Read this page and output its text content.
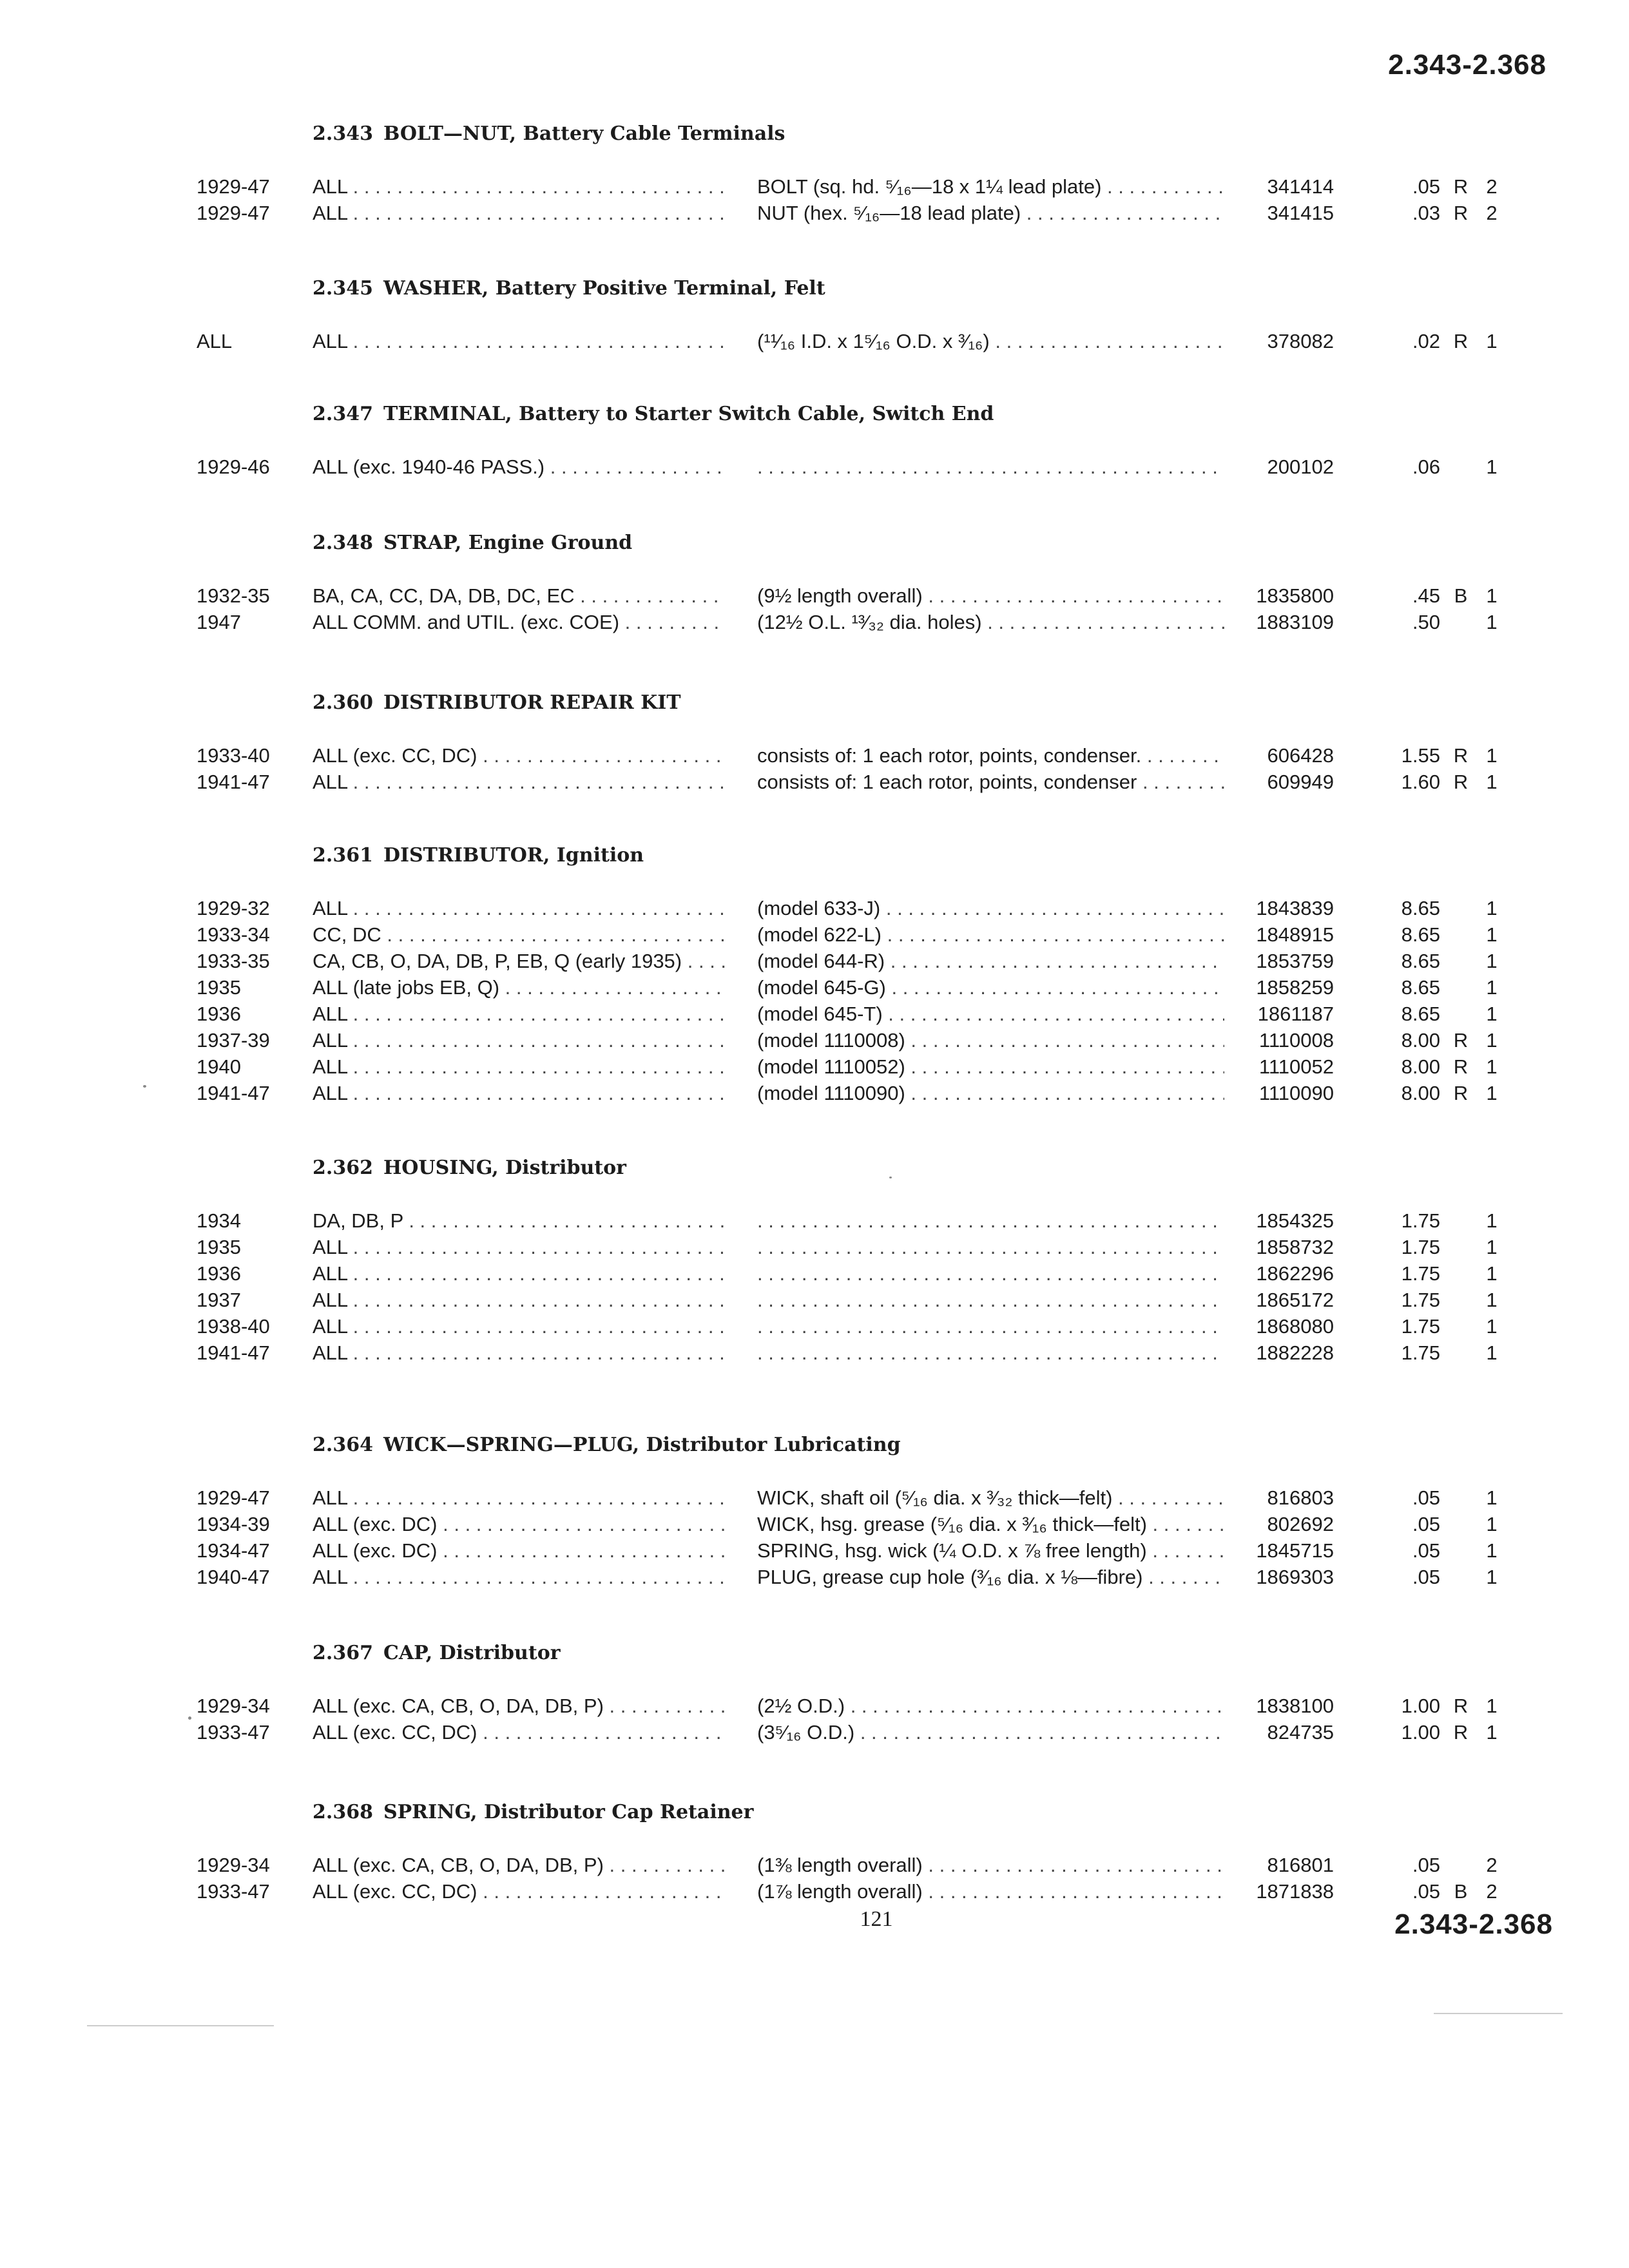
2.343-2.368
2.343 BOLT—NUT, Battery Cable Terminals
1929-47	ALL . . .	BOLT (sq. hd. ⁵⁄₁₆—18 x 1¼ lead plate) . . .	341414	.05 R 2
1929-47	ALL . . .	NUT (hex. ⁵⁄₁₆—18 lead plate) . . .	341415	.03 R 2
2.345 WASHER, Battery Positive Terminal, Felt
ALL	ALL . . .	(¹¹⁄₁₆ I.D. x 1⁵⁄₁₆ O.D. x ³⁄₁₆) . . .	378082	.02 R 1
2.347 TERMINAL, Battery to Starter Switch Cable, Switch End
1929-46	ALL (exc. 1940-46 PASS.) . . . . . .	200102	.06 1
2.348 STRAP, Engine Ground
1932-35	BA, CA, CC, DA, DB, DC, EC . . .	(9½ length overall) . . .	1835800	.45 B 1
1947	ALL COMM. and UTIL. (exc. COE) . . .	(12½ O.L. ¹³⁄₃₂ dia. holes) . . .	1883109	.50 1
2.360 DISTRIBUTOR REPAIR KIT
1933-40	ALL (exc. CC, DC) . . .	consists of: 1 each rotor, points, condenser. . . .	606428	1.55 R 1
1941-47	ALL . . .	consists of: 1 each rotor, points, condenser . . .	609949	1.60 R 1
2.361 DISTRIBUTOR, Ignition
1929-32	ALL . . .	(model 633-J) . . .	1843839	8.65 1
1933-34	CC, DC . . .	(model 622-L) . . .	1848915	8.65 1
1933-35	CA, CB, O, DA, DB, P, EB, Q (early 1935) . . .	(model 644-R) . . .	1853759	8.65 1
1935	ALL (late jobs EB, Q) . . .	(model 645-G) . . .	1858259	8.65 1
1936	ALL . . .	(model 645-T) . . .	1861187	8.65 1
1937-39	ALL . . .	(model 1110008) . . .	1110008	8.00 R 1
1940	ALL . . .	(model 1110052) . . .	1110052	8.00 R 1
1941-47	ALL . . .	(model 1110090) . . .	1110090	8.00 R 1
2.362 HOUSING, Distributor
1934	DA, DB, P . . . . . .	1854325	1.75 1
1935	ALL . . . . . .	1858732	1.75 1
1936	ALL . . . . . .	1862296	1.75 1
1937	ALL . . . . . .	1865172	1.75 1
1938-40	ALL . . . . . .	1868080	1.75 1
1941-47	ALL . . . . . .	1882228	1.75 1
2.364 WICK—SPRING—PLUG, Distributor Lubricating
1929-47	ALL . . .	WICK, shaft oil (⁵⁄₁₆ dia. x ³⁄₃₂ thick—felt) . . .	816803	.05 1
1934-39	ALL (exc. DC) . . .	WICK, hsg. grease (⁵⁄₁₆ dia. x ³⁄₁₆ thick—felt) . . .	802692	.05 1
1934-47	ALL (exc. DC) . . .	SPRING, hsg. wick (¼ O.D. x ⅞ free length) . . .	1845715	.05 1
1940-47	ALL . . .	PLUG, grease cup hole (³⁄₁₆ dia. x ⅛—fibre) . . .	1869303	.05 1
2.367 CAP, Distributor
1929-34	ALL (exc. CA, CB, O, DA, DB, P) . . .	(2½ O.D.) . . .	1838100	1.00 R 1
1933-47	ALL (exc. CC, DC) . . .	(3⁵⁄₁₆ O.D.) . . .	824735	1.00 R 1
2.368 SPRING, Distributor Cap Retainer
1929-34	ALL (exc. CA, CB, O, DA, DB, P) . . .	(1⅜ length overall) . . .	816801	.05 2
1933-47	ALL (exc. CC, DC) . . .	(1⅞ length overall) . . .	1871838	.05 B 2
121	2.343-2.368
